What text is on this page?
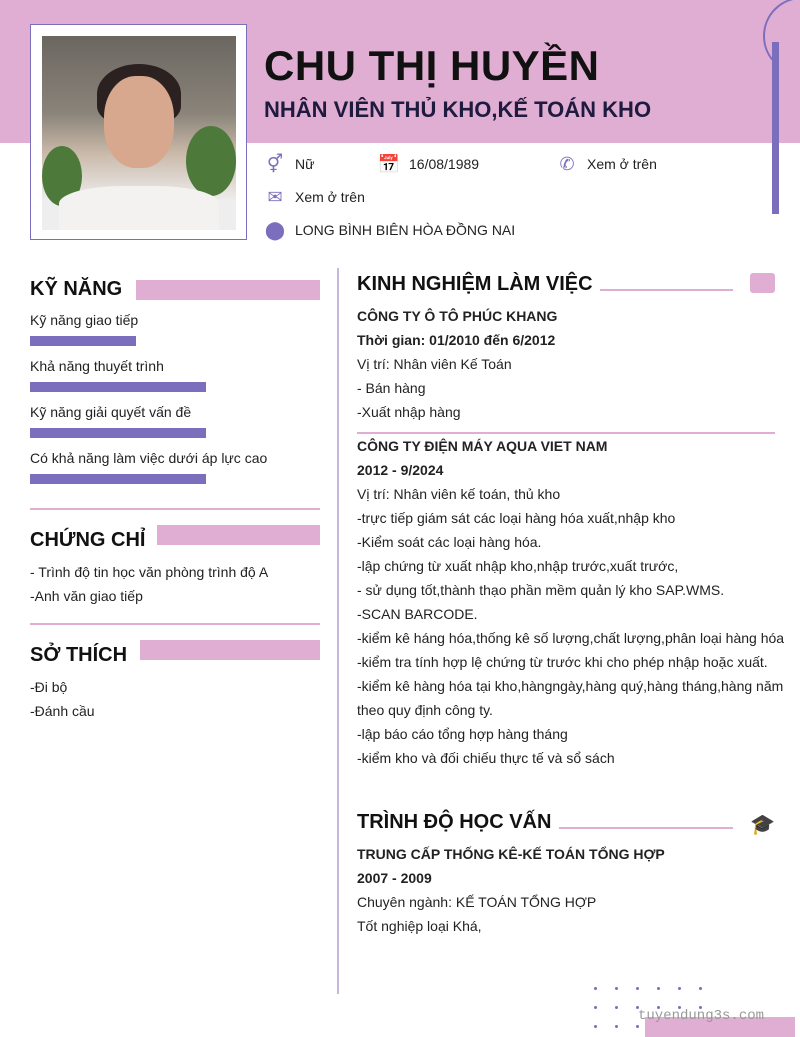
CHU THỊ HUYỀN
NHÂN VIÊN THỦ KHO,KẾ TOÁN KHO
⚥ Nữ	📅 16/08/1989	✆ Xem ở trên
✉ Xem ở trên
⬤ LONG BÌNH BIÊN HÒA ĐỒNG NAI
KỸ NĂNG
Kỹ năng giao tiếp
Khả năng thuyết trình
Kỹ năng giải quyết vấn đề
Có khả năng làm việc dưới áp lực cao
CHỨNG CHỈ
- Trình độ tin học văn phòng trình độ A
-Anh văn giao tiếp
SỞ THÍCH
-Đi bộ
-Đánh cầu
KINH NGHIỆM LÀM VIỆC
CÔNG TY Ô TÔ PHÚC KHANG
Thời gian: 01/2010 đến 6/2012
Vị trí: Nhân viên Kế Toán
- Bán hàng
-Xuất nhập hàng
CÔNG TY ĐIỆN MÁY AQUA VIET NAM
2012 - 9/2024
Vị trí: Nhân viên kế toán, thủ kho
-trực tiếp giám sát các loại hàng hóa xuất,nhập kho
-Kiểm soát các loại hàng hóa.
-lập chứng từ xuất nhập kho,nhập trước,xuất trước,
- sử dụng tốt,thành thạo phần mềm quản lý kho SAP.WMS.
-SCAN BARCODE.
-kiểm kê háng hóa,thống kê số lượng,chất lượng,phân loại hàng hóa
-kiểm tra tính hợp lệ chứng từ trước khi cho phép nhập hoặc xuất.
-kiểm kê hàng hóa tại kho,hàngngày,hàng quý,hàng tháng,hàng năm
theo quy định công ty.
-lập báo cáo tổng hợp hàng tháng
-kiểm kho và đối chiếu thực tế và sổ sách
TRÌNH ĐỘ HỌC VẤN	🎓
TRUNG CẤP THỐNG KÊ-KẾ TOÁN TỔNG HỢP
2007 - 2009
Chuyên ngành: KẾ TOÁN TỔNG HỢP
Tốt nghiệp loại Khá,
tuyendung3s.com
